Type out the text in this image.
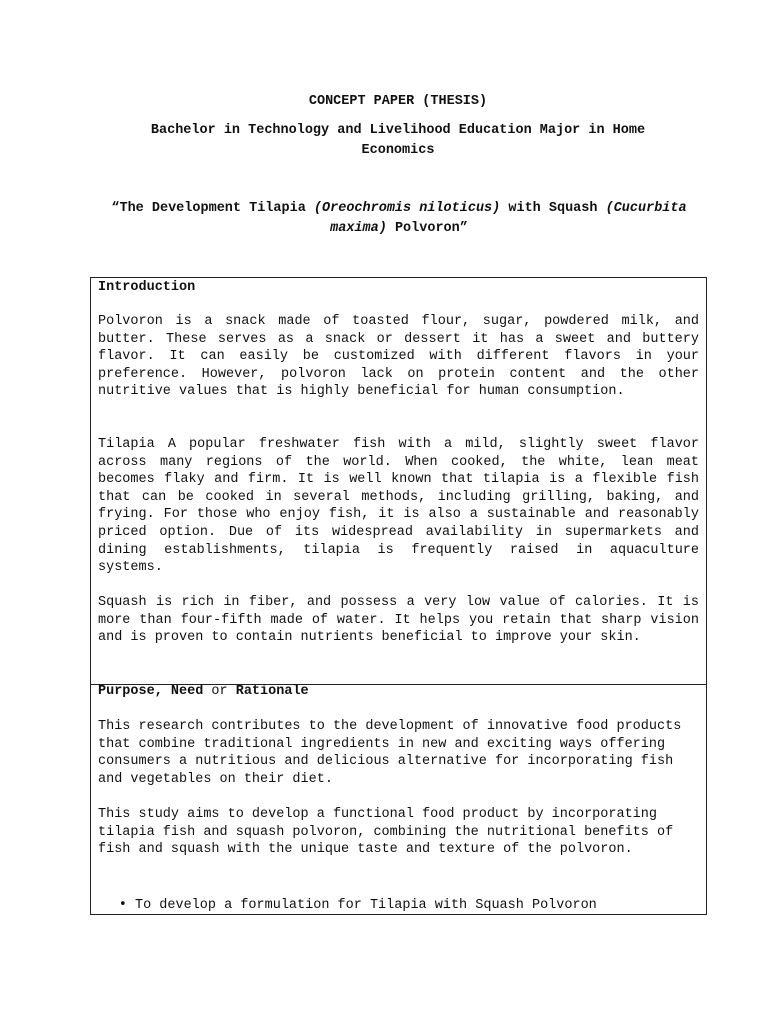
CONCEPT PAPER (THESIS)
Bachelor in Technology and Livelihood Education Major in Home Economics
“The Development Tilapia (Oreochromis niloticus) with Squash (Cucurbita maxima) Polvoron”
Introduction

Polvoron is a snack made of toasted flour, sugar, powdered milk, and butter. These serves as a snack or dessert it has a sweet and buttery flavor. It can easily be customized with different flavors in your preference. However, polvoron lack on protein content and the other nutritive values that is highly beneficial for human consumption.

Tilapia A popular freshwater fish with a mild, slightly sweet flavor across many regions of the world. When cooked, the white, lean meat becomes flaky and firm. It is well known that tilapia is a flexible fish that can be cooked in several methods, including grilling, baking, and frying. For those who enjoy fish, it is also a sustainable and reasonably priced option. Due of its widespread availability in supermarkets and dining establishments, tilapia is frequently raised in aquaculture systems.

Squash is rich in fiber, and possess a very low value of calories. It is more than four-fifth made of water. It helps you retain that sharp vision and is proven to contain nutrients beneficial to improve your skin.

Purpose, Need or Rationale

This research contributes to the development of innovative food products that combine traditional ingredients in new and exciting ways offering consumers a nutritious and delicious alternative for incorporating fish and vegetables on their diet.

This study aims to develop a functional food product by incorporating tilapia fish and squash polvoron, combining the nutritional benefits of fish and squash with the unique taste and texture of the polvoron.

• To develop a formulation for Tilapia with Squash Polvoron
